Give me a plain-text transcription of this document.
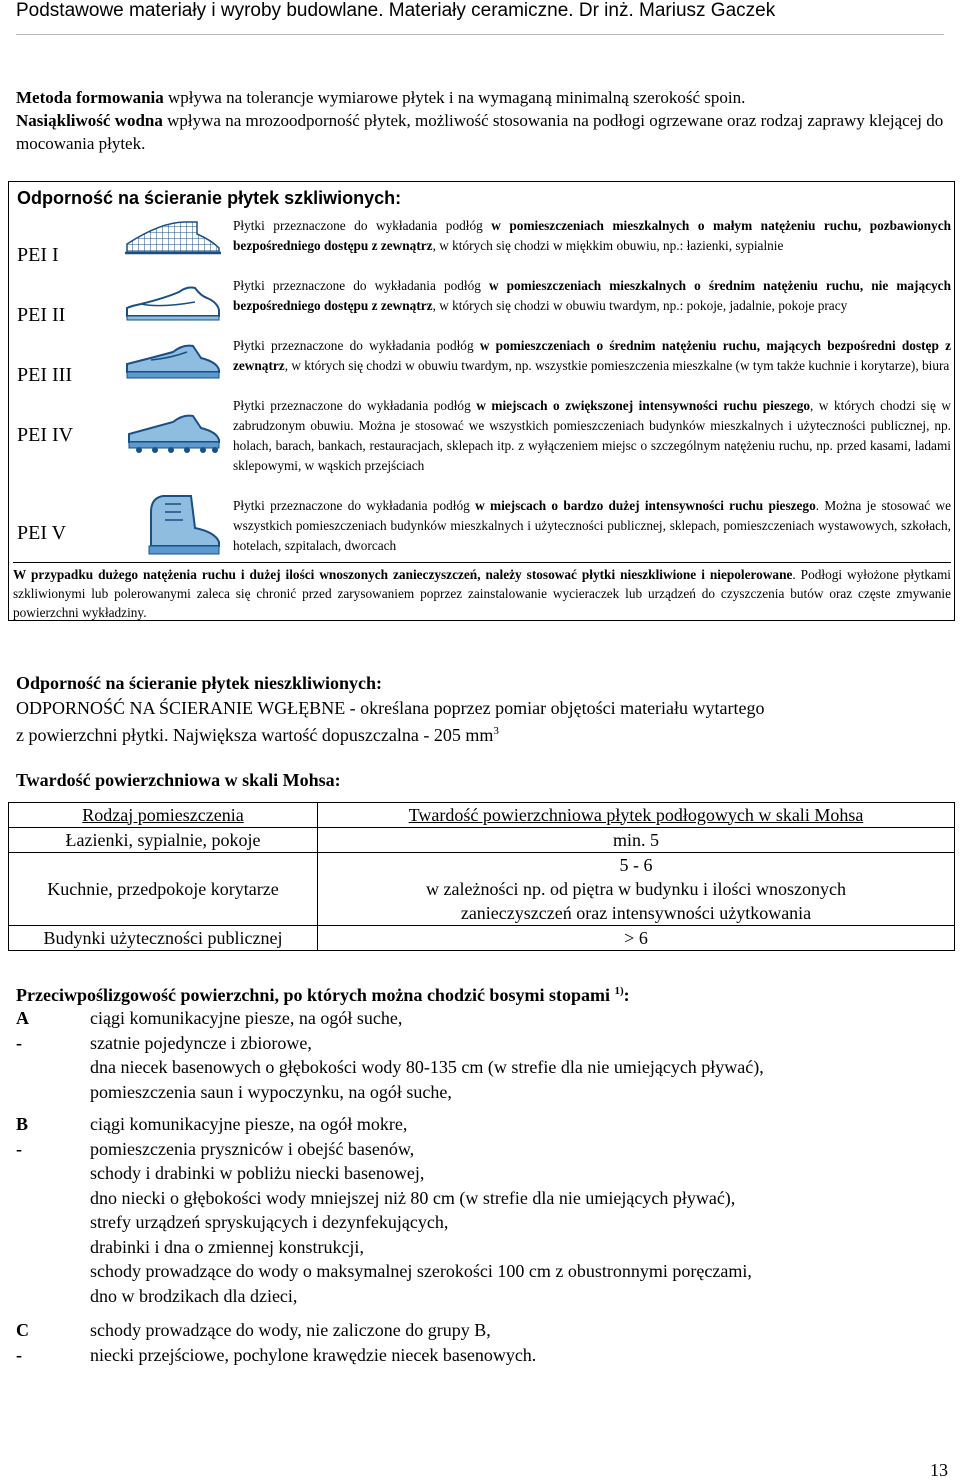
Podstawowe materiały i wyroby budowlane. Materiały ceramiczne. Dr inż. Mariusz Gaczek

Metoda formowania wpływa na tolerancje wymiarowe płytek i na wymaganą minimalną szerokość spoin.

Nasiąkliwość wodna wpływa na mrozoodporność płytek, możliwość stosowania na podłogi ogrzewane oraz rodzaj zaprawy klejącej do mocowania płytek.

Odporność na ścieranie płytek szkliwionych:
PEI I
Płytki przeznaczone do wykładania podłóg w pomieszczeniach mieszkalnych o małym natężeniu ruchu, pozbawionych bezpośredniego dostępu z zewnątrz, w których się chodzi w miękkim obuwiu, np.: łazienki, sypialnie
PEI II
Płytki przeznaczone do wykładania podłóg w pomieszczeniach mieszkalnych o średnim natężeniu ruchu, nie mających bezpośredniego dostępu z zewnątrz, w których się chodzi w obuwiu twardym, np.: pokoje, jadalnie, pokoje pracy
PEI III
Płytki przeznaczone do wykładania podłóg w pomieszczeniach o średnim natężeniu ruchu, mających bezpośredni dostęp z zewnątrz, w których się chodzi w obuwiu twardym, np. wszystkie pomieszczenia mieszkalne (w tym także kuchnie i korytarze), biura
PEI IV
Płytki przeznaczone do wykładania podłóg w miejscach o zwiększonej intensywności ruchu pieszego, w których chodzi się w zabrudzonym obuwiu. Można je stosować we wszystkich pomieszczeniach budynków mieszkalnych i użyteczności publicznej, np. holach, barach, bankach, restauracjach, sklepach itp. z wyłączeniem miejsc o szczególnym natężeniu ruchu, np. przed kasami, ladami sklepowymi, w wąskich przejściach
PEI V
Płytki przeznaczone do wykładania podłóg w miejscach o bardzo dużej intensywności ruchu pieszego. Można je stosować we wszystkich pomieszczeniach budynków mieszkalnych i użyteczności publicznej, sklepach, pomieszczeniach wystawowych, szkołach, hotelach, szpitalach, dworcach
W przypadku dużego natężenia ruchu i dużej ilości wnoszonych zanieczyszczeń, należy stosować płytki nieszkliwione i niepolerowane. Podłogi wyłożone płytkami szkliwionymi lub polerowanymi zaleca się chronić przed zarysowaniem poprzez zainstalowanie wycieraczek lub urządzeń do czyszczenia butów oraz częste zmywanie powierzchni wykładziny.
Odporność na ścieranie płytek nieszkliwionych:
ODPORNOŚĆ NA ŚCIERANIE WGŁĘBNE - określana poprzez pomiar objętości materiału wytartego
z powierzchni płytki. Największa wartość dopuszczalna - 205 $mm^3$
Twardość powierzchniowa w skali Mohsa:
Rodzaj pomieszczenia	Twardość powierzchniowa płytek podłogowych w skali Mohsa
Łazienki, sypialnie, pokoje	min. 5
Kuchnie, przedpokoje korytarze	5 - 6
w zależności np. od piętra w budynku i ilości wnoszonych
zanieczyszczeń oraz intensywności użytkowania

Budynki użyteczności publicznej	> 6
Przeciwpoślizgowość powierzchni, po których można chodzić bosymi stopami $^{1)}$:
A -
ciągi komunikacyjne piesze, na ogół suche,
szatnie pojedyncze i zbiorowe,
dna niecek basenowych o głębokości wody 80-135 cm (w strefie dla nie umiejących pływać),
pomieszczenia saun i wypoczynku, na ogół suche,
B -
ciągi komunikacyjne piesze, na ogół mokre,
pomieszczenia pryszniców i obejść basenów,
schody i drabinki w pobliżu niecki basenowej,
dno niecki o głębokości wody mniejszej niż 80 cm (w strefie dla nie umiejących pływać),
strefy urządzeń spryskujących i dezynfekujących,
drabinki i dna o zmiennej konstrukcji,
schody prowadzące do wody o maksymalnej szerokości 100 cm z obustronnymi poręczami,
dno w brodzikach dla dzieci,
C -
schody prowadzące do wody, nie zaliczone do grupy B,
niecki przejściowe, pochylone krawędzie niecek basenowych.
13
